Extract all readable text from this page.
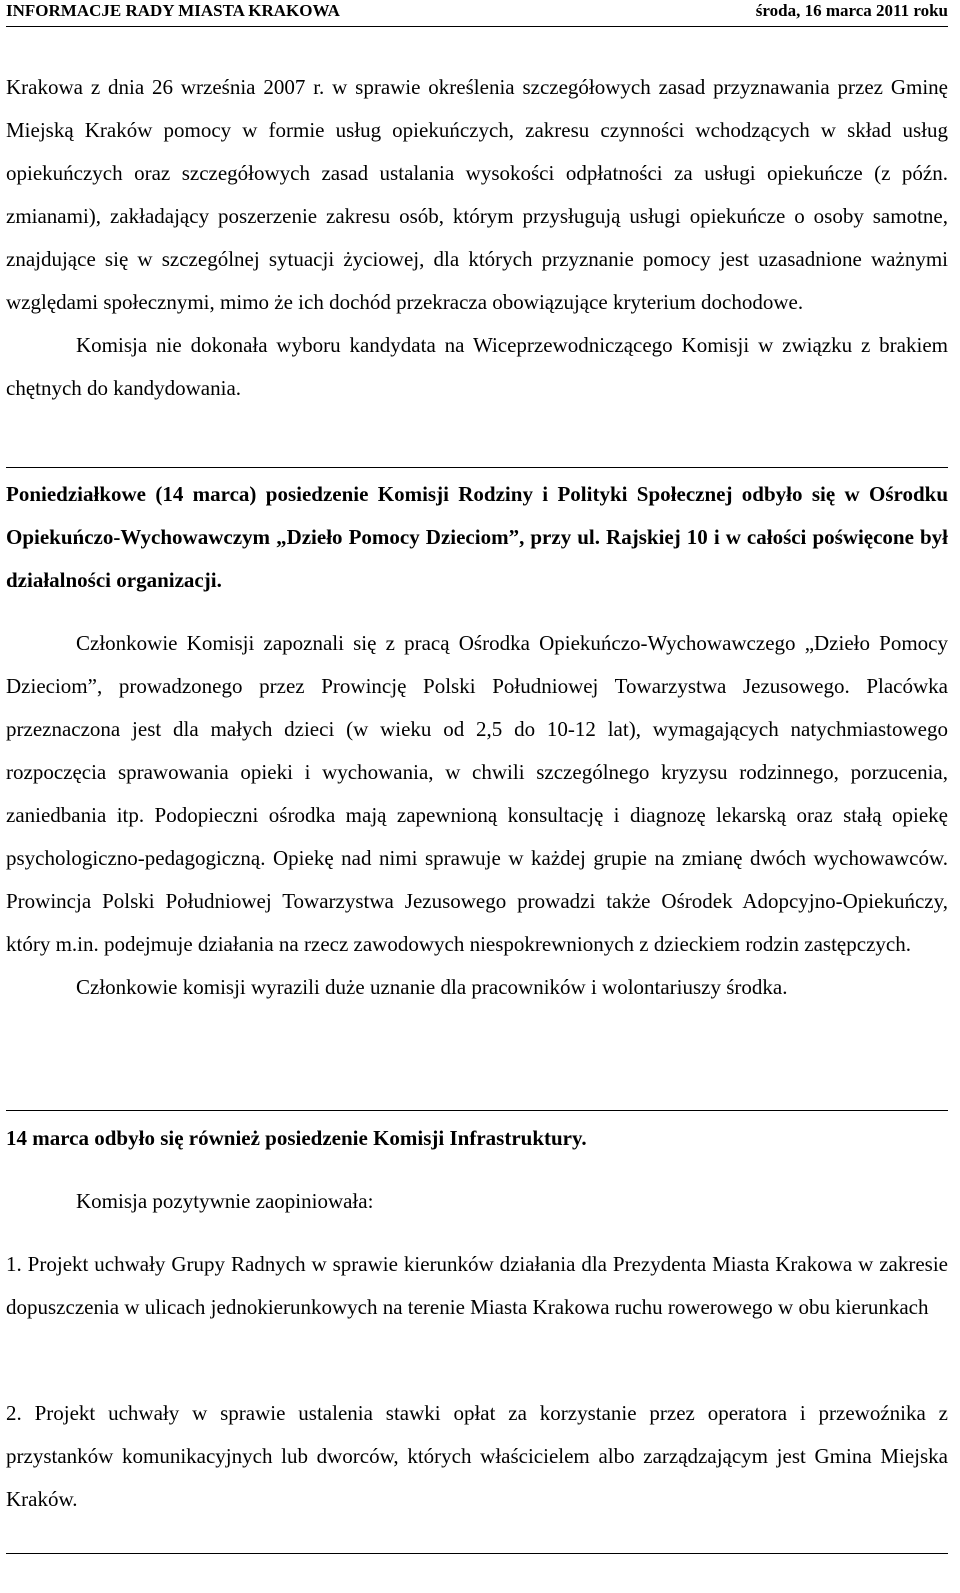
INFORMACJE RADY MIASTA KRAKOWA	środa, 16 marca 2011 roku

Krakowa z dnia 26 września 2007 r. w sprawie określenia szczegółowych zasad przyznawania przez Gminę Miejską Kraków pomocy w formie usług opiekuńczych, zakresu czynności wchodzących w skład usług opiekuńczych oraz szczegółowych zasad ustalania wysokości odpłatności za usługi opiekuńcze (z późn. zmianami), zakładający poszerzenie zakresu osób, którym przysługują usługi opiekuńcze o osoby samotne, znajdujące się w szczególnej sytuacji życiowej, dla których przyznanie pomocy jest uzasadnione ważnymi względami społecznymi, mimo że ich dochód przekracza obowiązujące kryterium dochodowe.

Komisja nie dokonała wyboru kandydata na Wiceprzewodniczącego Komisji w związku z brakiem chętnych do kandydowania.

Poniedziałkowe (14 marca) posiedzenie Komisji Rodziny i Polityki Społecznej odbyło się w Ośrodku Opiekuńczo-Wychowawczym „Dzieło Pomocy Dzieciom”, przy ul. Rajskiej 10 i w całości poświęcone był działalności organizacji.

Członkowie Komisji zapoznali się z pracą Ośrodka Opiekuńczo-Wychowawczego „Dzieło Pomocy Dzieciom”, prowadzonego przez Prowincję Polski Południowej Towarzystwa Jezusowego. Placówka przeznaczona jest dla małych dzieci (w wieku od 2,5 do 10-12 lat), wymagających natychmiastowego rozpoczęcia sprawowania opieki i wychowania, w chwili szczególnego kryzysu rodzinnego, porzucenia, zaniedbania itp. Podopieczni ośrodka mają zapewnioną konsultację i diagnozę lekarską oraz stałą opiekę psychologiczno-pedagogiczną. Opiekę nad nimi sprawuje w każdej grupie na zmianę dwóch wychowawców. Prowincja Polski Południowej Towarzystwa Jezusowego prowadzi także Ośrodek Adopcyjno-Opiekuńczy, który m.in. podejmuje działania na rzecz zawodowych niespokrewnionych z dzieckiem rodzin zastępczych.

Członkowie komisji wyrazili duże uznanie dla pracowników i wolontariuszy środka.

14 marca odbyło się również posiedzenie Komisji Infrastruktury.

Komisja pozytywnie zaopiniowała:

1. Projekt uchwały Grupy Radnych w sprawie kierunków działania dla Prezydenta Miasta Krakowa w zakresie dopuszczenia w ulicach jednokierunkowych na terenie Miasta Krakowa ruchu rowerowego w obu kierunkach

2. Projekt uchwały w sprawie ustalenia stawki opłat za korzystanie przez operatora i przewoźnika z przystanków komunikacyjnych lub dworców, których właścicielem albo zarządzającym jest Gmina Miejska Kraków.
